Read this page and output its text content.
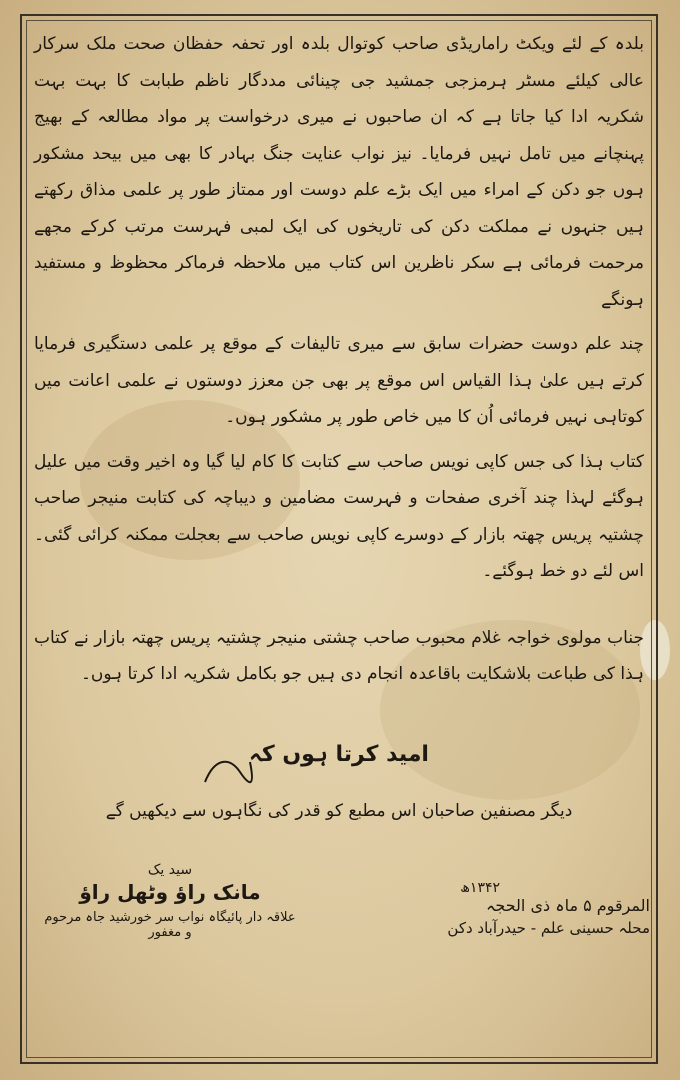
بلدہ کے لئے ویکٹ راماریڈی صاحب کوتوال بلدہ اور تحفہ حفظان صحت ملک سرکار عالی کیلئے مسٹر ہرمزجی جمشید جی چینائی مددگار ناظم طبابت کا بہت بہت شکریہ ادا کیا جاتا ہے کہ ان صاحبوں نے میری درخواست پر مواد مطالعہ کے بھیج پہنچانے میں تامل نہیں فرمایا۔ نیز نواب عنایت جنگ بہادر کا بھی میں بیحد مشکور ہوں جو دکن کے امراء میں ایک بڑے علم دوست اور ممتاز طور پر علمی مذاق رکھتے ہیں جنہوں نے مملکت دکن کی تاریخوں کی ایک لمبی فہرست مرتب کرکے مجھے مرحمت فرمائی ہے سکر ناظرین اس کتاب میں ملاحظہ فرماکر محظوظ و مستفید ہونگے

چند علم دوست حضرات سابق سے میری تالیفات کے موقع پر علمی دستگیری فرمایا کرتے ہیں علیٰ ہذا القیاس اس موقع پر بھی جن معزز دوستوں نے علمی اعانت میں کوتاہی نہیں فرمائی اُن کا میں خاص طور پر مشکور ہوں۔

کتاب ہذا کی جس کاپی نویس صاحب سے کتابت کا کام لیا گیا وہ اخیر وقت میں علیل ہوگئے لہذا چند آخری صفحات و فہرست مضامین و دیباچہ کی کتابت منیجر صاحب چشتیہ پریس چھتہ بازار کے دوسرے کاپی نویس صاحب سے بعجلت ممکنہ کرائی گئی۔ اس لئے دو خط ہوگئے۔

جناب مولوی خواجہ غلام محبوب صاحب چشتی منیجر چشتیہ پریس چھتہ بازار نے کتاب ہذا کی طباعت بلاشکایت باقاعدہ انجام دی ہیں جو بکامل شکریہ ادا کرتا ہوں۔

امید کرتا ہوں کہ
دیگر مصنفین صاحبان اس مطبع کو قدر کی نگاہوں سے دیکھیں گے
سید یک
مانک راؤ وٹھل راؤ
علاقہ دار پائیگاہ نواب سر خورشید جاہ مرحوم و مغفور
۱۳۴۲ھ
المرقوم ۵ ماہ ذی الحجہ
محلہ حسینی علم - حیدرآباد دکن
